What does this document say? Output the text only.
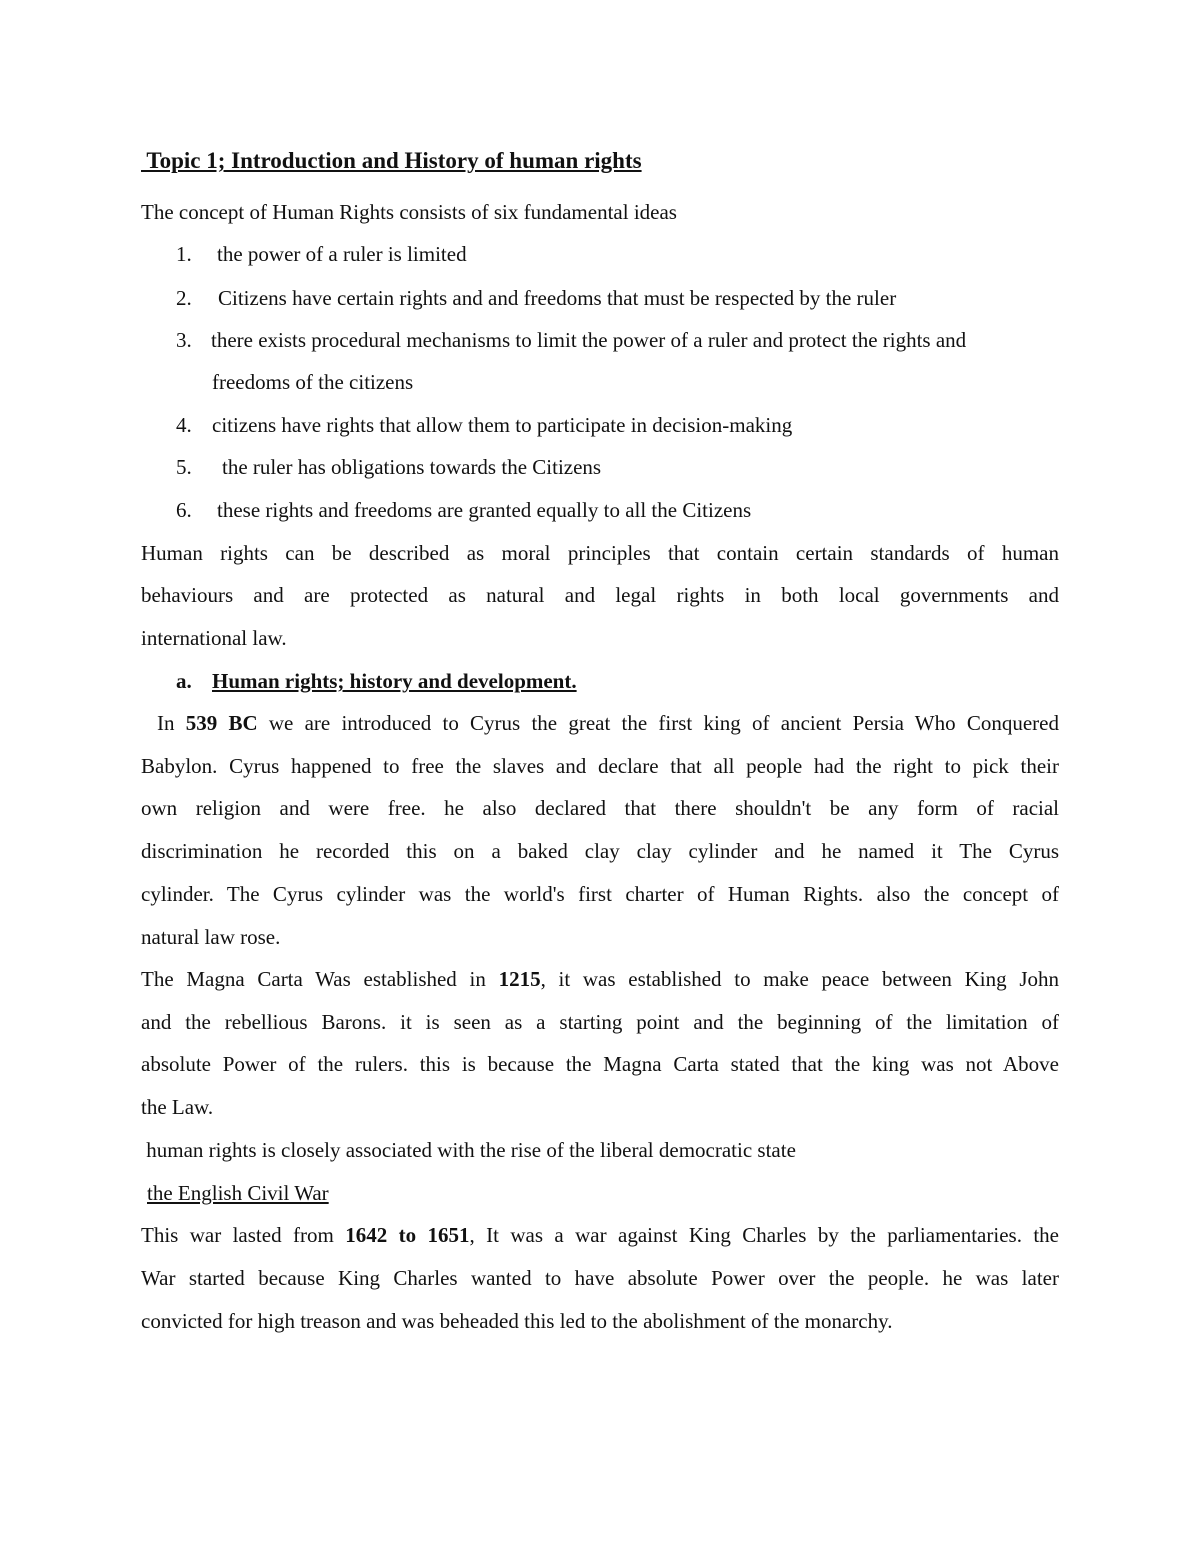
Topic 1; Introduction and History of human rights
The concept of Human Rights consists of six fundamental ideas
1. the power of a ruler is limited
2. Citizens have certain rights and and freedoms that must be respected by the ruler
3. there exists procedural mechanisms to limit the power of a ruler and protect the rights and
freedoms of the citizens
4. citizens have rights that allow them to participate in decision-making
5. the ruler has obligations towards the Citizens
6. these rights and freedoms are granted equally to all the Citizens
Human rights can be described as moral principles that contain certain standards of human
behaviours and are protected as natural and legal rights in both local governments and
international law.
a. Human rights; history and development.
In 539 BC we are introduced to Cyrus the great the first king of ancient Persia Who Conquered
Babylon. Cyrus happened to free the slaves and declare that all people had the right to pick their
own religion and were free. he also declared that there shouldn't be any form of racial
discrimination he recorded this on a baked clay clay cylinder and he named it The Cyrus
cylinder. The Cyrus cylinder was the world's first charter of Human Rights. also the concept of
natural law rose.
The Magna Carta Was established in 1215, it was established to make peace between King John
and the rebellious Barons. it is seen as a starting point and the beginning of the limitation of
absolute Power of the rulers. this is because the Magna Carta stated that the king was not Above
the Law.
human rights is closely associated with the rise of the liberal democratic state
the English Civil War
This war lasted from 1642 to 1651, It was a war against King Charles by the parliamentaries. the
War started because King Charles wanted to have absolute Power over the people. he was later
convicted for high treason and was beheaded this led to the abolishment of the monarchy.
